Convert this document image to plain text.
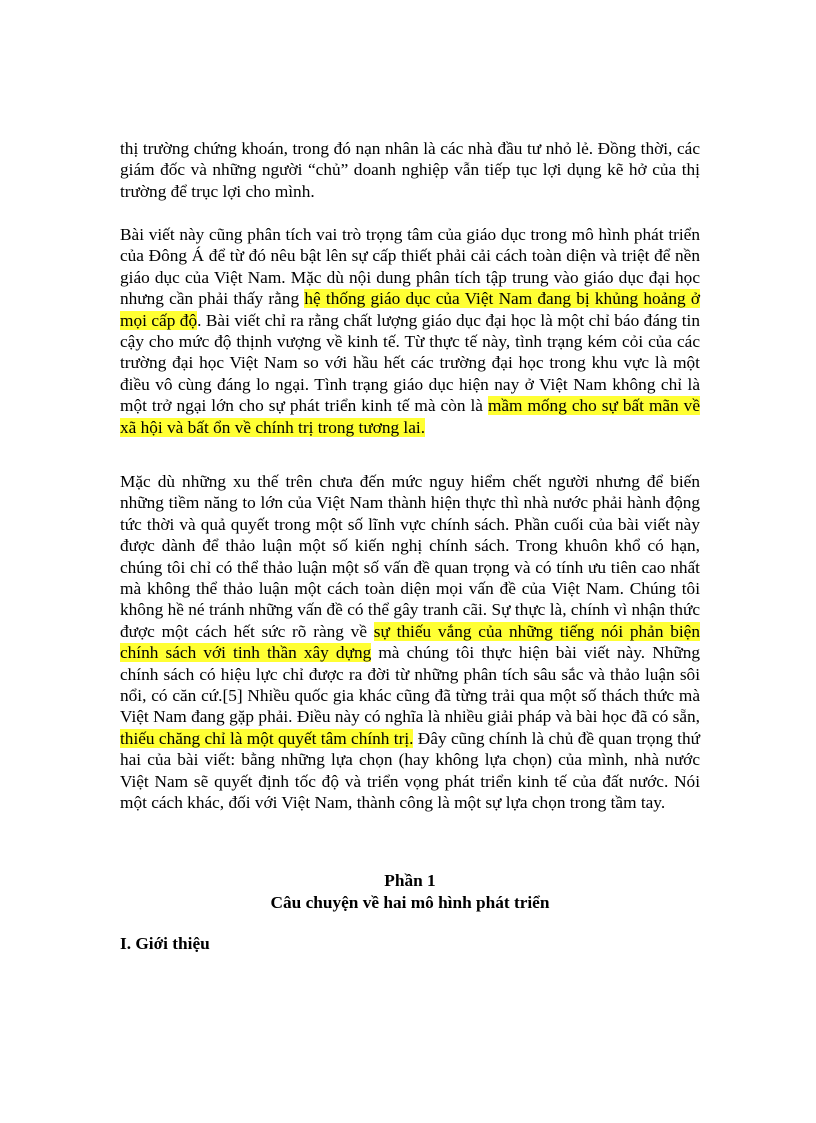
thị trường chứng khoán, trong đó nạn nhân là các nhà đầu tư nhỏ lẻ. Đồng thời, các giám đốc và những người “chủ” doanh nghiệp vẫn tiếp tục lợi dụng kẽ hở của thị trường để trục lợi cho mình.

Bài viết này cũng phân tích vai trò trọng tâm của giáo dục trong mô hình phát triển của Đông Á để từ đó nêu bật lên sự cấp thiết phải cải cách toàn diện và triệt để nền giáo dục của Việt Nam. Mặc dù nội dung phân tích tập trung vào giáo dục đại học nhưng cần phải thấy rằng hệ thống giáo dục của Việt Nam đang bị khủng hoảng ở mọi cấp độ. Bài viết chỉ ra rằng chất lượng giáo dục đại học là một chỉ báo đáng tin cậy cho mức độ thịnh vượng về kinh tế. Từ thực tế này, tình trạng kém cỏi của các trường đại học Việt Nam so với hầu hết các trường đại học trong khu vực là một điều vô cùng đáng lo ngại. Tình trạng giáo dục hiện nay ở Việt Nam không chỉ là một trở ngại lớn cho sự phát triển kinh tế mà còn là mầm mống cho sự bất mãn về xã hội và bất ổn về chính trị trong tương lai.

Mặc dù những xu thế trên chưa đến mức nguy hiểm chết người nhưng để biến những tiềm năng to lớn của Việt Nam thành hiện thực thì nhà nước phải hành động tức thời và quả quyết trong một số lĩnh vực chính sách. Phần cuối của bài viết này được dành để thảo luận một số kiến nghị chính sách. Trong khuôn khổ có hạn, chúng tôi chỉ có thể thảo luận một số vấn đề quan trọng và có tính ưu tiên cao nhất mà không thể thảo luận một cách toàn diện mọi vấn đề của Việt Nam. Chúng tôi không hề né tránh những vấn đề có thể gây tranh cãi. Sự thực là, chính vì nhận thức được một cách hết sức rõ ràng về sự thiếu vắng của những tiếng nói phản biện chính sách với tinh thần xây dựng mà chúng tôi thực hiện bài viết này. Những chính sách có hiệu lực chỉ được ra đời từ những phân tích sâu sắc và thảo luận sôi nổi, có căn cứ.[5] Nhiều quốc gia khác cũng đã từng trải qua một số thách thức mà Việt Nam đang gặp phải. Điều này có nghĩa là nhiều giải pháp và bài học đã có sẵn, thiếu chăng chỉ là một quyết tâm chính trị. Đây cũng chính là chủ đề quan trọng thứ hai của bài viết: bằng những lựa chọn (hay không lựa chọn) của mình, nhà nước Việt Nam sẽ quyết định tốc độ và triển vọng phát triển kinh tế của đất nước. Nói một cách khác, đối với Việt Nam, thành công là một sự lựa chọn trong tầm tay.

Phần 1
Câu chuyện về hai mô hình phát triển
I. Giới thiệu
